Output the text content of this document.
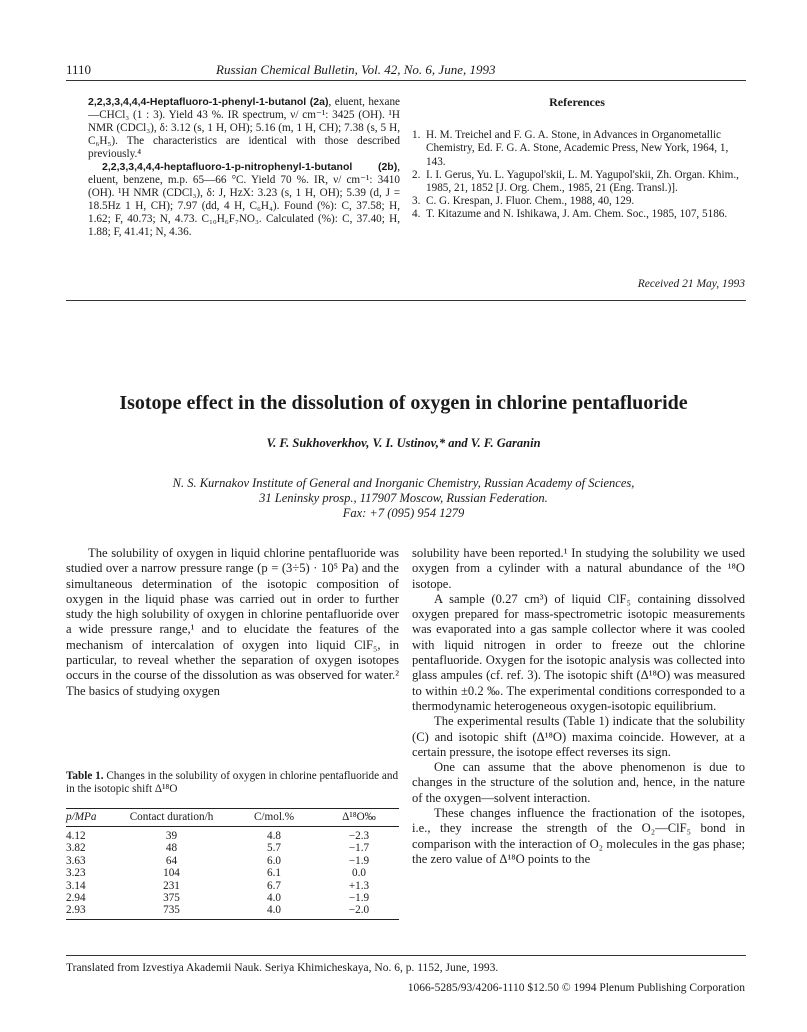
1110	Russian Chemical Bulletin, Vol. 42, No. 6, June, 1993

2,2,3,3,4,4,4-Heptafluoro-1-phenyl-1-butanol (2a), eluent, hexane—CHCl₃ (1 : 3). Yield 43 %. IR spectrum, ν/ cm⁻¹: 3425 (OH). ¹H NMR (CDCl₃), δ: 3.12 (s, 1 H, OH); 5.16 (m, 1 H, CH); 7.38 (s, 5 H, C₆H₅). The characteristics are identical with those described previously.⁴

2,2,3,3,4,4,4-heptafluoro-1-p-nitrophenyl-1-butanol (2b), eluent, benzene, m.p. 65—66 °C. Yield 70 %. IR, ν/ cm⁻¹: 3410 (OH). ¹H NMR (CDCl₃), δ: J, HzX: 3.23 (s, 1 H, OH); 5.39 (d, J = 18.5Hz 1 H, CH); 7.97 (dd, 4 H, C₆H₄). Found (%): C, 37.58; H, 1.62; F, 40.73; N, 4.73. C₁₀H₆F₇NO₃. Calculated (%): C, 37.40; H, 1.88; F, 41.41; N, 4.36.

References
1. H. M. Treichel and F. G. A. Stone, in Advances in Organometallic Chemistry, Ed. F. G. A. Stone, Academic Press, New York, 1964, 1, 143.
2. I. I. Gerus, Yu. L. Yagupol'skii, L. M. Yagupol'skii, Zh. Organ. Khim., 1985, 21, 1852 [J. Org. Chem., 1985, 21 (Eng. Transl.)].
3. C. G. Krespan, J. Fluor. Chem., 1988, 40, 129.
4. T. Kitazume and N. Ishikawa, J. Am. Chem. Soc., 1985, 107, 5186.
Received 21 May, 1993
Isotope effect in the dissolution of oxygen in chlorine pentafluoride
V. F. Sukhoverkhov, V. I. Ustinov,* and V. F. Garanin
N. S. Kurnakov Institute of General and Inorganic Chemistry, Russian Academy of Sciences,
31 Leninsky prosp., 117907 Moscow, Russian Federation.
Fax: +7 (095) 954 1279

The solubility of oxygen in liquid chlorine pentafluoride was studied over a narrow pressure range (p = (3÷5) · 10⁵ Pa) and the simultaneous determination of the isotopic composition of oxygen in the liquid phase was carried out in order to further study the high solubility of oxygen in chlorine pentafluoride over a wide pressure range,¹ and to elucidate the features of the mechanism of intercalation of oxygen into liquid ClF₅, in particular, to reveal whether the separation of oxygen isotopes occurs in the course of the dissolution as was observed for water.² The basics of studying oxygen

Table 1. Changes in the solubility of oxygen in chlorine pentafluoride and in the isotopic shift Δ¹⁸O
p/MPa	Contact duration/h	C/mol.%	Δ¹⁸O‰
4.12	39	4.8	−2.3
3.82	48	5.7	−1.7
3.63	64	6.0	−1.9
3.23	104	6.1	0.0
3.14	231	6.7	+1.3
2.94	375	4.0	−1.9
2.93	735	4.0	−2.0

solubility have been reported.¹ In studying the solubility we used oxygen from a cylinder with a natural abundance of the ¹⁸O isotope.

A sample (0.27 cm³) of liquid ClF₅ containing dissolved oxygen prepared for mass-spectrometric isotopic measurements was evaporated into a gas sample collector where it was cooled with liquid nitrogen in order to freeze out the chlorine pentafluoride. Oxygen for the isotopic analysis was collected into glass ampules (cf. ref. 3). The isotopic shift (Δ¹⁸O) was measured to within ±0.2 ‰. The experimental conditions corresponded to a thermodynamic heterogeneous oxygen-isotopic equilibrium.

The experimental results (Table 1) indicate that the solubility (C) and isotopic shift (Δ¹⁸O) maxima coincide. However, at a certain pressure, the isotope effect reverses its sign.

One can assume that the above phenomenon is due to changes in the structure of the solution and, hence, in the nature of the oxygen—solvent interaction.

These changes influence the fractionation of the isotopes, i.e., they increase the strength of the O₂—ClF₅ bond in comparison with the interaction of O₂ molecules in the gas phase; the zero value of Δ¹⁸O points to the

Translated from Izvestiya Akademii Nauk. Seriya Khimicheskaya, No. 6, p. 1152, June, 1993.
1066-5285/93/4206-1110 $12.50 © 1994 Plenum Publishing Corporation
